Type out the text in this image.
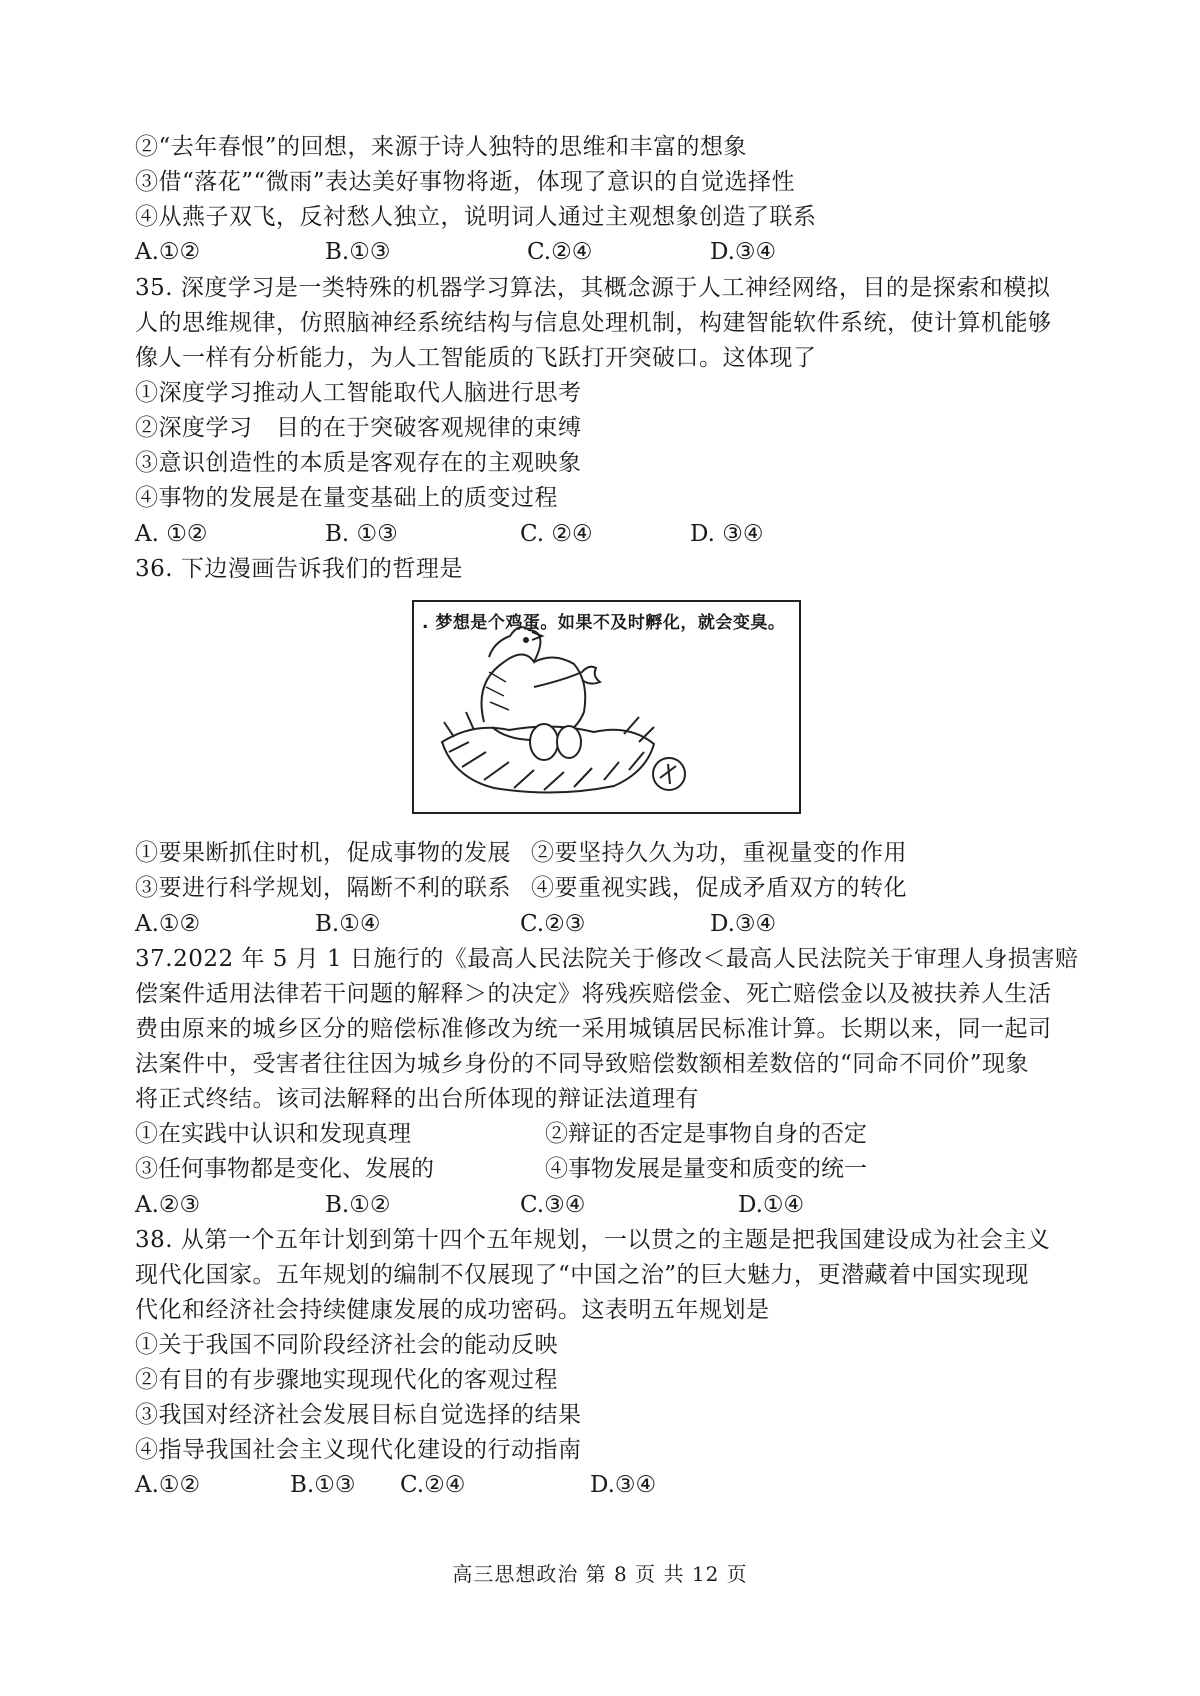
②“去年春恨”的回想，来源于诗人独特的思维和丰富的想象
③借“落花”“微雨”表达美好事物将逝，体现了意识的自觉选择性
④从燕子双飞，反衬愁人独立，说明词人通过主观想象创造了联系
A.①②	B.①③	C.②④	D.③④
35. 深度学习是一类特殊的机器学习算法，其概念源于人工神经网络，目的是探索和模拟
人的思维规律，仿照脑神经系统结构与信息处理机制，构建智能软件系统，使计算机能够
像人一样有分析能力，为人工智能质的飞跃打开突破口。这体现了
①深度学习推动人工智能取代人脑进行思考
②深度学习　目的在于突破客观规律的束缚
③意识创造性的本质是客观存在的主观映象
④事物的发展是在量变基础上的质变过程
A. ①②	B. ①③	C. ②④	D. ③④
36. 下边漫画告诉我们的哲理是
. 梦想是个鸡蛋。如果不及时孵化，就会变臭。
①要果断抓住时机，促成事物的发展 ②要坚持久久为功，重视量变的作用
③要进行科学规划，隔断不利的联系 ④要重视实践，促成矛盾双方的转化
A.①②	B.①④	C.②③	D.③④
37.2022 年 5 月 1 日施行的《最高人民法院关于修改＜最高人民法院关于审理人身损害赔
偿案件适用法律若干问题的解释＞的决定》将残疾赔偿金、死亡赔偿金以及被扶养人生活
费由原来的城乡区分的赔偿标准修改为统一采用城镇居民标准计算。长期以来，同一起司
法案件中，受害者往往因为城乡身份的不同导致赔偿数额相差数倍的“同命不同价”现象
将正式终结。该司法解释的出台所体现的辩证法道理有
①在实践中认识和发现真理	②辩证的否定是事物自身的否定
③任何事物都是变化、发展的	④事物发展是量变和质变的统一
A.②③	B.①②	C.③④	D.①④
38. 从第一个五年计划到第十四个五年规划，一以贯之的主题是把我国建设成为社会主义
现代化国家。五年规划的编制不仅展现了“中国之治”的巨大魅力，更潜藏着中国实现现
代化和经济社会持续健康发展的成功密码。这表明五年规划是
①关于我国不同阶段经济社会的能动反映
②有目的有步骤地实现现代化的客观过程
③我国对经济社会发展目标自觉选择的结果
④指导我国社会主义现代化建设的行动指南
A.①②	B.①③ C.②④	D.③④
高三思想政治 第 8 页 共 12 页
